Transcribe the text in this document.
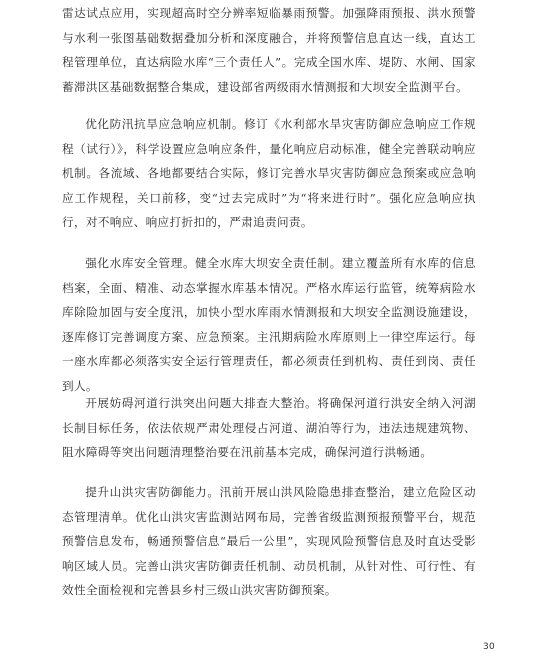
雷达试点应用，实现超高时空分辨率短临暴雨预警。加强降雨预报、洪水预警与水利一张图基础数据叠加分析和深度融合，并将预警信息直达一线，直达工程管理单位，直达病险水库“三个责任人”。完成全国水库、堤防、水闸、国家蓄滞洪区基础数据整合集成，建设部省两级雨水情测报和大坝安全监测平台。

优化防汛抗旱应急响应机制。修订《水利部水旱灾害防御应急响应工作规程（试行）》，科学设置应急响应条件，量化响应启动标准，健全完善联动响应机制。各流域、各地都要结合实际，修订完善水旱灾害防御应急预案或应急响应工作规程，关口前移，变“过去完成时”为“将来进行时”。强化应急响应执行，对不响应、响应打折扣的，严肃追责问责。

强化水库安全管理。健全水库大坝安全责任制。建立覆盖所有水库的信息档案，全面、精准、动态掌握水库基本情况。严格水库运行监管，统筹病险水库除险加固与安全度汛，加快小型水库雨水情测报和大坝安全监测设施建设，逐库修订完善调度方案、应急预案。主汛期病险水库原则上一律空库运行。每一座水库都必须落实安全运行管理责任，都必须责任到机构、责任到岗、责任到人。

开展妨碍河道行洪突出问题大排查大整治。将确保河道行洪安全纳入河湖长制目标任务，依法依规严肃处理侵占河道、湖泊等行为，违法违规建筑物、阻水障碍等突出问题清理整治要在汛前基本完成，确保河道行洪畅通。

提升山洪灾害防御能力。汛前开展山洪风险隐患排查整治，建立危险区动态管理清单。优化山洪灾害监测站网布局，完善省级监测预报预警平台，规范预警信息发布，畅通预警信息“最后一公里”，实现风险预警信息及时直达受影响区域人员。完善山洪灾害防御责任机制、动员机制，从针对性、可行性、有效性全面检视和完善县乡村三级山洪灾害防御预案。

30
